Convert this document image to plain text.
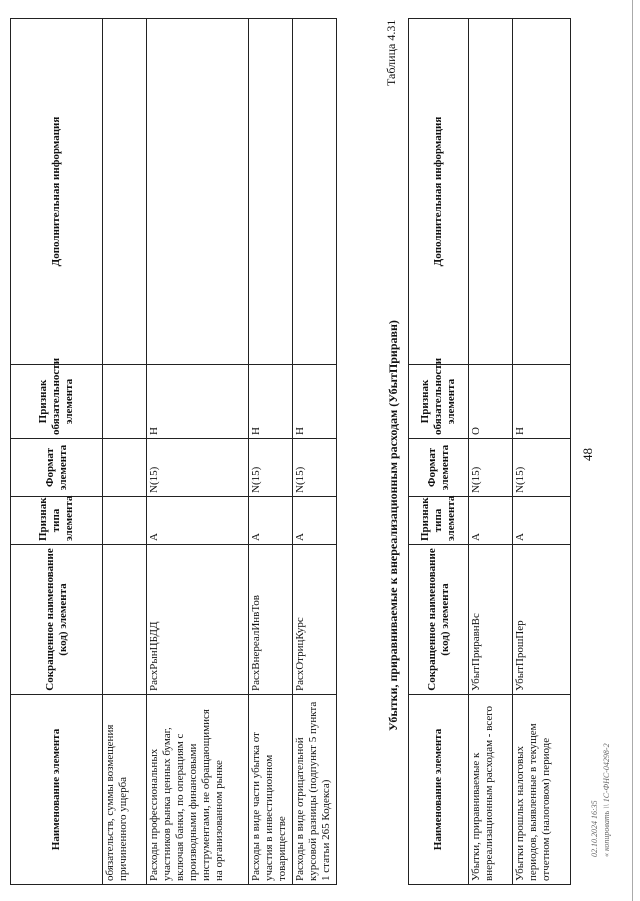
48
Наименование элемента	Сокращенное наименование (код) элемента	Признак типа элемента	Формат элемента	Признак обязательности элемента	Дополнительная информация
обязательств, суммы возмещения причиненного ущерба					
Расходы профессиональных участников рынка ценных бумаг, включая банки, по операциям с производными финансовыми инструментами, не обращающимися на организованном рынке	РасхРынЦБДД	А	N(15)	Н	
Расходы в виде части убытка от участия в инвестиционном товариществе	РасхВнереалИнвТов	А	N(15)	Н	
Расходы в виде отрицательной курсовой разницы (подпункт 5 пункта 1 статьи 265 Кодекса)	РасхОтрицКурс	А	N(15)	Н	
Таблица 4.31
Убытки, приравниваемые к внереализационным расходам (УбытПриравн)
Наименование элемента	Сокращенное наименование (код) элемента	Признак типа элемента	Формат элемента	Признак обязательности элемента	Дополнительная информация
Убытки, приравниваемые к внереализационным расходам - всего	УбытПриравнВс	А	N(15)	О	
Убытки прошлых налоговых периодов, выявленные в текущем отчетном (налоговом) периоде	УбытПрошПер	А	N(15)	Н	
02.10.2024 16:35 « копировать \\ 1С-ФНС-04298-2
